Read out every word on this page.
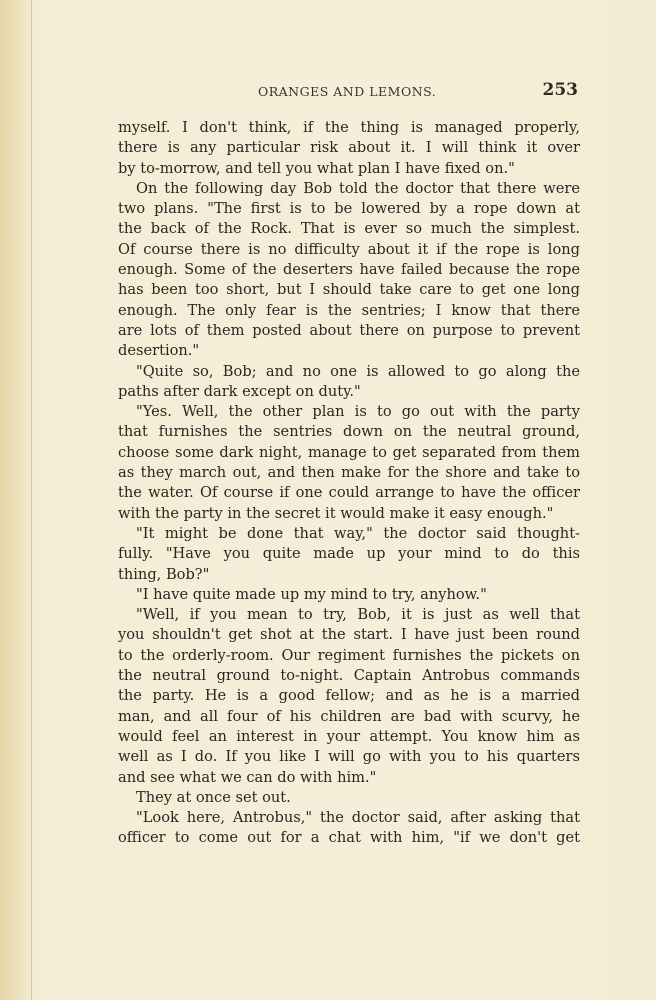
ORANGES AND LEMONS.	253
myself. I don't think, if the thing is managed properly,
there is any particular risk about it. I will think it over
by to-morrow, and tell you what plan I have fixed on."
On the following day Bob told the doctor that there were
two plans. "The first is to be lowered by a rope down at
the back of the Rock. That is ever so much the simplest.
Of course there is no difficulty about it if the rope is long
enough. Some of the deserters have failed because the rope
has been too short, but I should take care to get one long
enough. The only fear is the sentries; I know that there
are lots of them posted about there on purpose to prevent
desertion."
"Quite so, Bob; and no one is allowed to go along the
paths after dark except on duty."
"Yes. Well, the other plan is to go out with the party
that furnishes the sentries down on the neutral ground,
choose some dark night, manage to get separated from them
as they march out, and then make for the shore and take to
the water. Of course if one could arrange to have the officer
with the party in the secret it would make it easy enough."
"It might be done that way," the doctor said thought-
fully. "Have you quite made up your mind to do this
thing, Bob?"
"I have quite made up my mind to try, anyhow."
"Well, if you mean to try, Bob, it is just as well that
you shouldn't get shot at the start. I have just been round
to the orderly-room. Our regiment furnishes the pickets on
the neutral ground to-night. Captain Antrobus commands
the party. He is a good fellow; and as he is a married
man, and all four of his children are bad with scurvy, he
would feel an interest in your attempt. You know him as
well as I do. If you like I will go with you to his quarters
and see what we can do with him."
They at once set out.
"Look here, Antrobus," the doctor said, after asking that
officer to come out for a chat with him, "if we don't get
